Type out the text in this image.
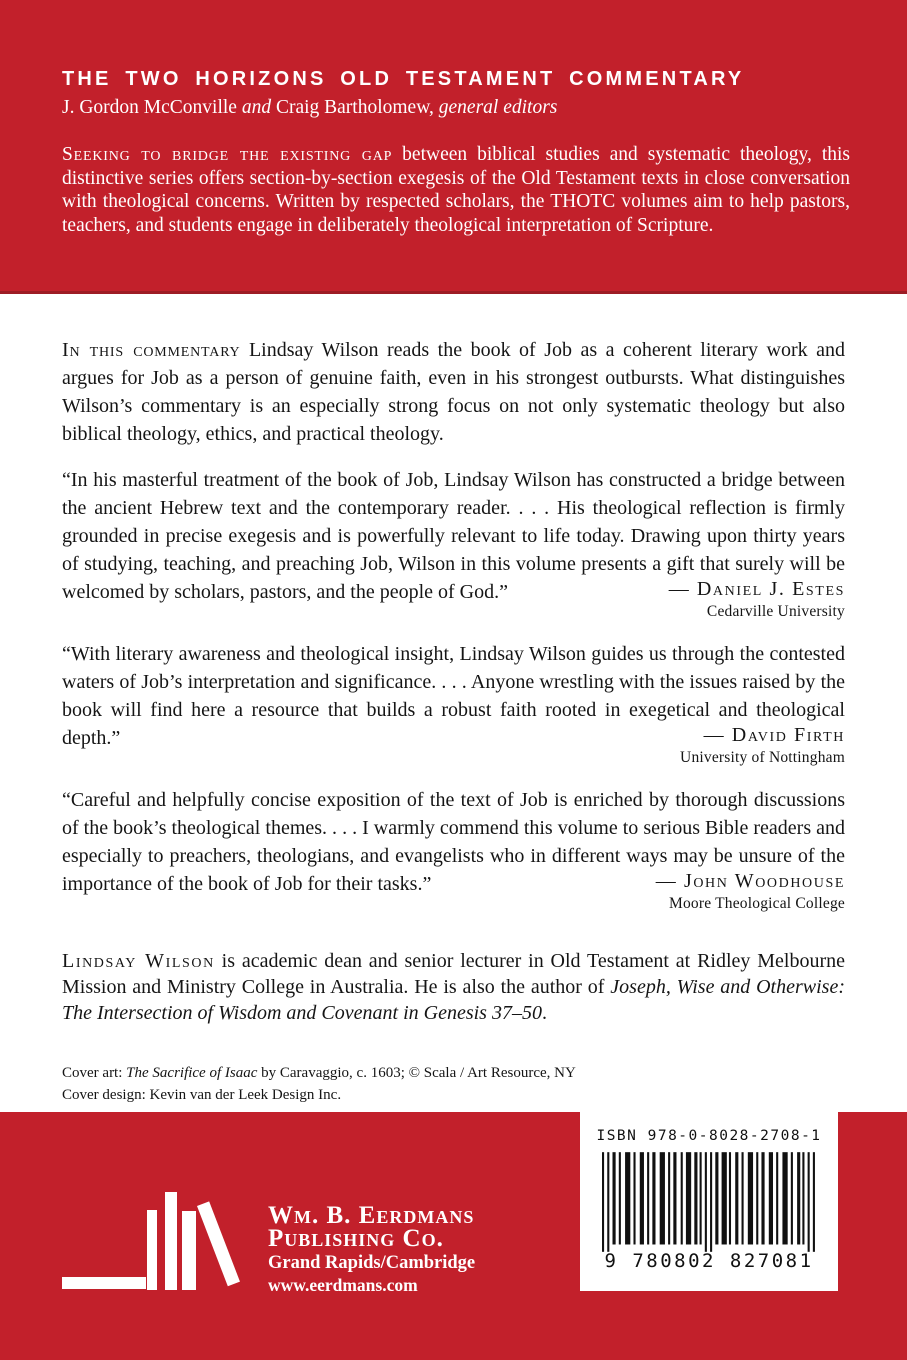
THE TWO HORIZONS OLD TESTAMENT COMMENTARY

J. Gordon McConville and Craig Bartholomew, general editors

Seeking to bridge the existing gap between biblical studies and systematic theology, this distinctive series offers section-by-section exegesis of the Old Testament texts in close conversation with theological concerns. Written by respected scholars, the THOTC volumes aim to help pastors, teachers, and students engage in deliberately theological interpretation of Scripture.

In this commentary Lindsay Wilson reads the book of Job as a coherent literary work and argues for Job as a person of genuine faith, even in his strongest outbursts. What distinguishes Wilson’s commentary is an especially strong focus on not only systematic theology but also biblical theology, ethics, and practical theology.

“In his masterful treatment of the book of Job, Lindsay Wilson has constructed a bridge between the ancient Hebrew text and the contemporary reader. . . . His theological reflection is firmly grounded in precise exegesis and is powerfully relevant to life today. Drawing upon thirty years of studying, teaching, and preaching Job, Wilson in this volume presents a gift that surely will be welcomed by scholars, pastors, and the people of God.”	— Daniel J. Estes
Cedarville University

“With literary awareness and theological insight, Lindsay Wilson guides us through the contested waters of Job’s interpretation and significance. . . . Anyone wrestling with the issues raised by the book will find here a resource that builds a robust faith rooted in exegetical and theological depth.”	— David Firth
University of Nottingham

“Careful and helpfully concise exposition of the text of Job is enriched by thorough discussions of the book’s theological themes. . . . I warmly commend this volume to serious Bible readers and especially to preachers, theologians, and evangelists who in different ways may be unsure of the importance of the book of Job for their tasks.”	— John Woodhouse
Moore Theological College

Lindsay Wilson is academic dean and senior lecturer in Old Testament at Ridley Melbourne Mission and Ministry College in Australia. He is also the author of Joseph, Wise and Otherwise: The Intersection of Wisdom and Covenant in Genesis 37–50.

Cover art: The Sacrifice of Isaac by Caravaggio, c. 1603; © Scala / Art Resource, NY
Cover design: Kevin van der Leek Design Inc.

Wm. B. Eerdmans
Publishing Co.
Grand Rapids/Cambridge
www.eerdmans.com
ISBN 978-0-8028-2708-1
9 780802 827081
